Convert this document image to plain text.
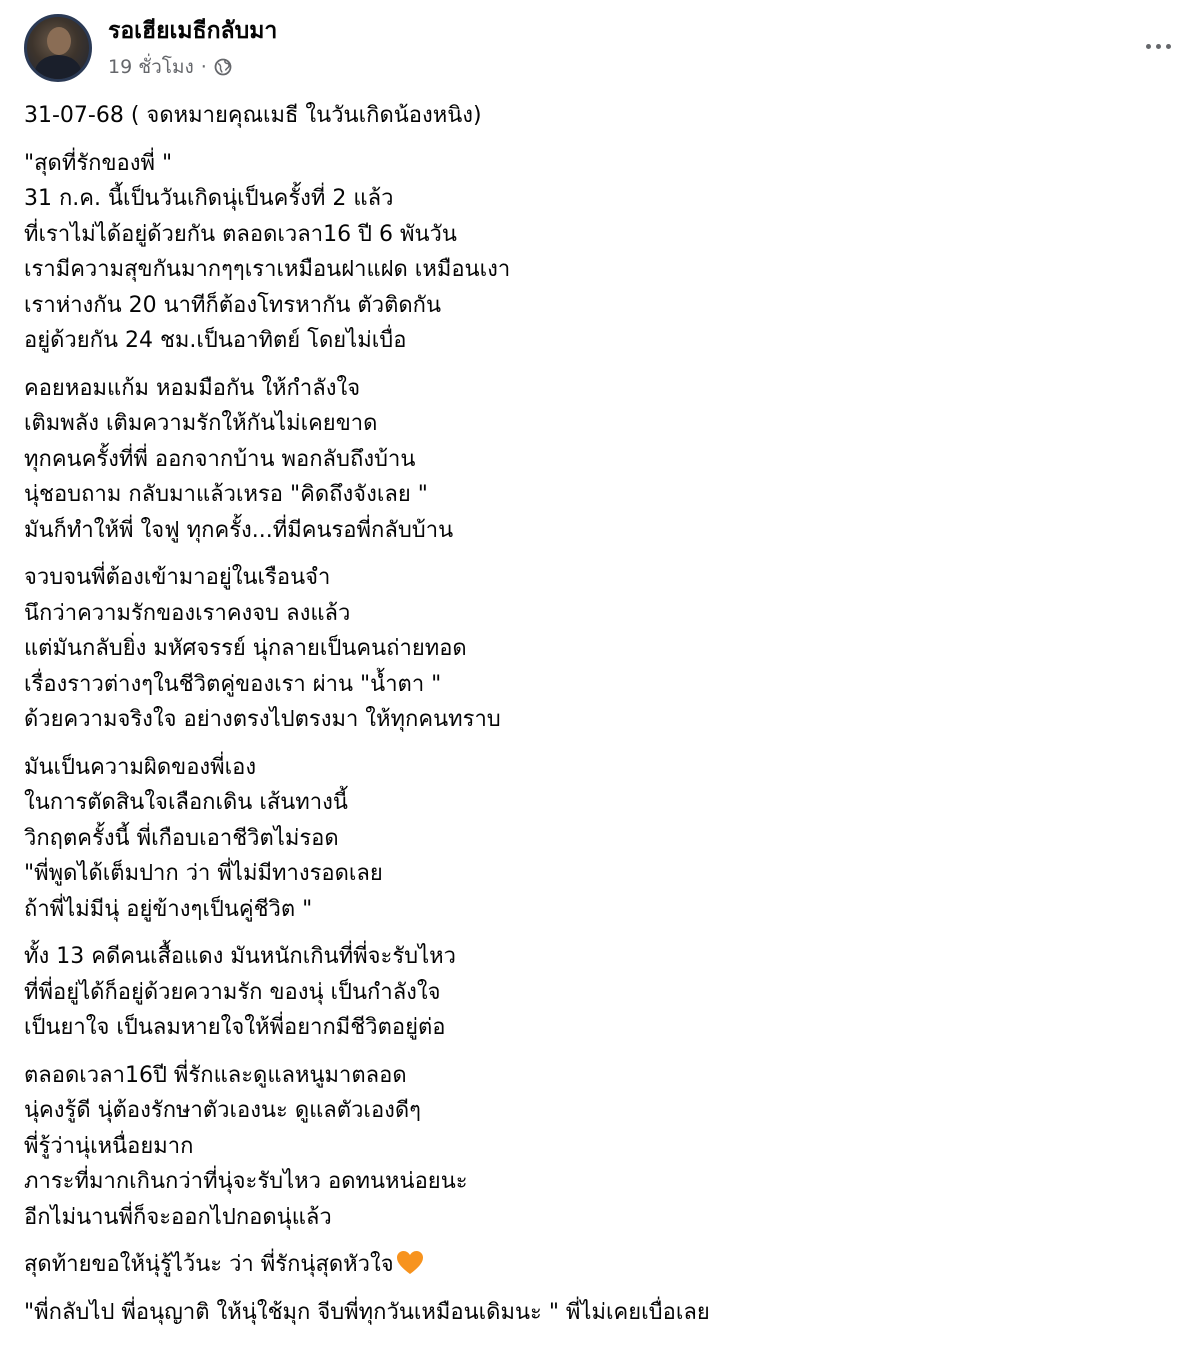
รอเฮียเมธีกลับมา
19 ชั่วโมง ·
31-07-68 ( จดหมายคุณเมธี ในวันเกิดน้องหนิง)
"สุดที่รักของพี่ "
31 ก.ค. นี้เป็นวันเกิดนุ่เป็นครั้งที่ 2 แล้ว
ที่เราไม่ได้อยู่ด้วยกัน ตลอดเวลา16 ปี 6 พันวัน
เรามีความสุขกันมากๆๆเราเหมือนฝาแฝด เหมือนเงา
เราห่างกัน 20 นาทีก็ต้องโทรหากัน ตัวติดกัน
อยู่ด้วยกัน 24 ชม.เป็นอาทิตย์ โดยไม่เบื่อ
คอยหอมแก้ม หอมมือกัน ให้กำลังใจ
เติมพลัง เติมความรักให้กันไม่เคยขาด
ทุกคนครั้งที่พี่ ออกจากบ้าน พอกลับถึงบ้าน
นุ่ชอบถาม กลับมาแล้วเหรอ "คิดถึงจังเลย "
มันก็ทำให้พี่ ใจฟู ทุกครั้ง...ที่มีคนรอพี่กลับบ้าน
จวบจนพี่ต้องเข้ามาอยู่ในเรือนจำ
นึกว่าความรักของเราคงจบ ลงแล้ว
แต่มันกลับยิ่ง มหัศจรรย์ นุ่กลายเป็นคนถ่ายทอด
เรื่องราวต่างๆในชีวิตคู่ของเรา ผ่าน "น้ำตา "
ด้วยความจริงใจ อย่างตรงไปตรงมา ให้ทุกคนทราบ
มันเป็นความผิดของพี่เอง
ในการตัดสินใจเลือกเดิน เส้นทางนี้
วิกฤตครั้งนี้ พี่เกือบเอาชีวิตไม่รอด
"พี่พูดได้เต็มปาก ว่า พี่ไม่มีทางรอดเลย
ถ้าพี่ไม่มีนุ่ อยู่ข้างๆเป็นคู่ชีวิต "
ทั้ง 13 คดีคนเสื้อแดง มันหนักเกินที่พี่จะรับไหว
ที่พี่อยู่ได้ก็อยู่ด้วยความรัก ของนุ่ เป็นกำลังใจ
เป็นยาใจ เป็นลมหายใจให้พี่อยากมีชีวิตอยู่ต่อ
ตลอดเวลา16ปี พี่รักและดูแลหนูมาตลอด
นุ่คงรู้ดี นุ่ต้องรักษาตัวเองนะ ดูแลตัวเองดีๆ
พี่รู้ว่านุ่เหนื่อยมาก
ภาระที่มากเกินกว่าที่นุ่จะรับไหว อดทนหน่อยนะ
อีกไม่นานพี่ก็จะออกไปกอดนุ่แล้ว
สุดท้ายขอให้นุ่รู้ไว้นะ ว่า พี่รักนุ่สุดหัวใจ
"พี่กลับไป พี่อนุญาติ ให้นุ่ใช้มุก จีบพี่ทุกวันเหมือนเดิมนะ " พี่ไม่เคยเบื่อเลย
